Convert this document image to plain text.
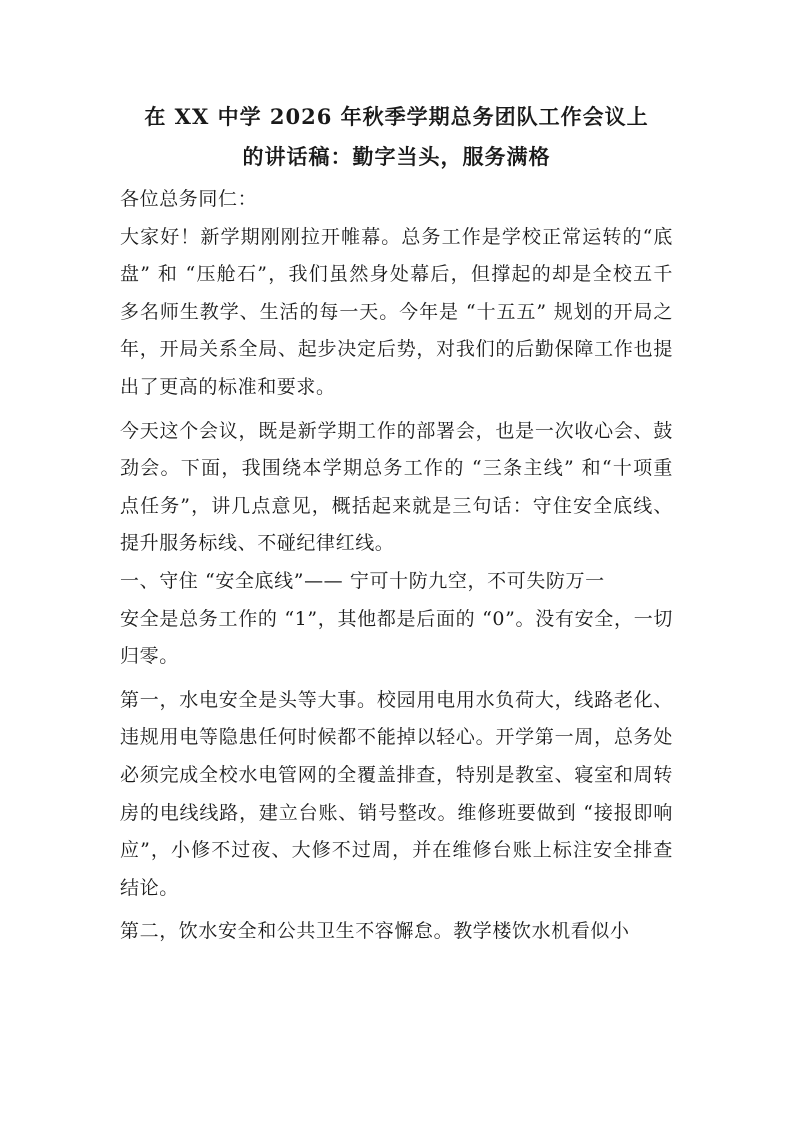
在 XX 中学 2026 年秋季学期总务团队工作会议上
的讲话稿：勤字当头，服务满格

各位总务同仁：

大家好！新学期刚刚拉开帷幕。总务工作是学校正常运转的“底盘” 和 “压舱石”，我们虽然身处幕后，但撑起的却是全校五千多名师生教学、生活的每一天。今年是 “十五五” 规划的开局之年，开局关系全局、起步决定后势，对我们的后勤保障工作也提出了更高的标准和要求。

今天这个会议，既是新学期工作的部署会，也是一次收心会、鼓劲会。下面，我围绕本学期总务工作的 “三条主线” 和“十项重点任务”，讲几点意见，概括起来就是三句话：守住安全底线、提升服务标线、不碰纪律红线。

一、守住 “安全底线”—— 宁可十防九空，不可失防万一

安全是总务工作的 “1”，其他都是后面的 “0”。没有安全，一切归零。

第一，水电安全是头等大事。校园用电用水负荷大，线路老化、违规用电等隐患任何时候都不能掉以轻心。开学第一周，总务处必须完成全校水电管网的全覆盖排查，特别是教室、寝室和周转房的电线线路，建立台账、销号整改。维修班要做到 “接报即响应”，小修不过夜、大修不过周，并在维修台账上标注安全排查结论。

第二，饮水安全和公共卫生不容懈怠。教学楼饮水机看似小
